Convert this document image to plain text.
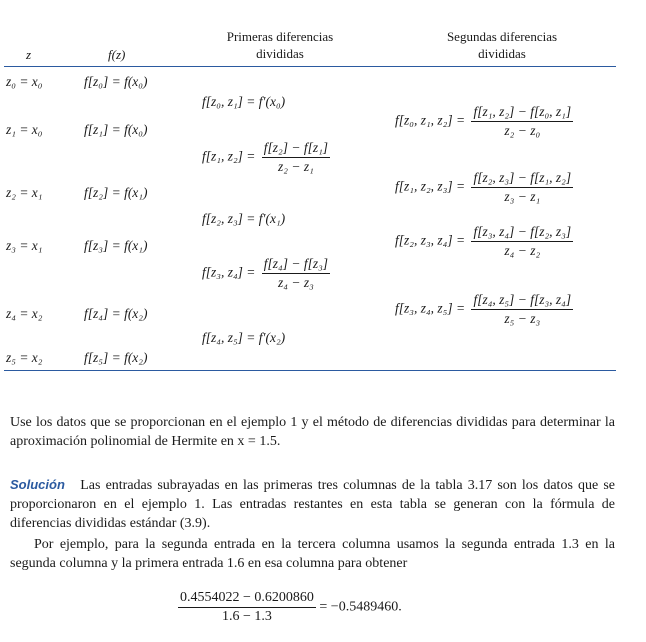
z	f(z)
Primeras diferencias
divididas
Segundas diferencias
divididas
z₀ = x₀
z₁ = x₀
z₂ = x₁
z₃ = x₁
z₄ = x₂
z₅ = x₂
f[z₀] = f(x₀)
f[z₁] = f(x₀)
f[z₂] = f(x₁)
f[z₃] = f(x₁)
f[z₄] = f(x₂)
f[z₅] = f(x₂)
f[z₀, z₁] = f′(x₀)
f[z₁, $z_2] = \frac{\text{f[z₂] − f[z₁]}}{\text{z₂ − z₁}}$
f[z₂, z₃] = f′(x₁)
f[z₃, $z_4] = \frac{\text{f[z₄] − f[z₃]}}{\text{z₄ − z₃}}$
f[z₄, z₅] = f′(x₂)
f[z₀, z₁, $z_2] = \frac{\text{f[z₁, z₂] − f[z₀, z₁]}}{\text{z₂ − z₀}}$
f[z₁, z₂, $z_3] = \frac{\text{f[z₂, z₃] − f[z₁, z₂]}}{\text{z₃ − z₁}}$
f[z₂, z₃, $z_4] = \frac{\text{f[z₃, z₄] − f[z₂, z₃]}}{\text{z₄ − z₂}}$
f[z₃, z₄, $z_5] = \frac{\text{f[z₄, z₅] − f[z₃, z₄]}}{\text{z₅ − z₃}}$
Use los datos que se proporcionan en el ejemplo 1 y el método de diferencias divididas para determinar la aproximación polinomial de Hermite en x = 1.5.
Solución Las entradas subrayadas en las primeras tres columnas de la tabla 3.17 son los datos que se proporcionaron en el ejemplo 1. Las entradas restantes en esta tabla se generan con la fórmula de diferencias divididas estándar (3.9).
Por ejemplo, para la segunda entrada en la tercera columna usamos la segunda entrada 1.3 en la segunda columna y la primera entrada 1.6 en esa columna para obtener
$\frac{0.4554022 - 0.6200860}{1.6 - 1.3} = -0.5489460$.
